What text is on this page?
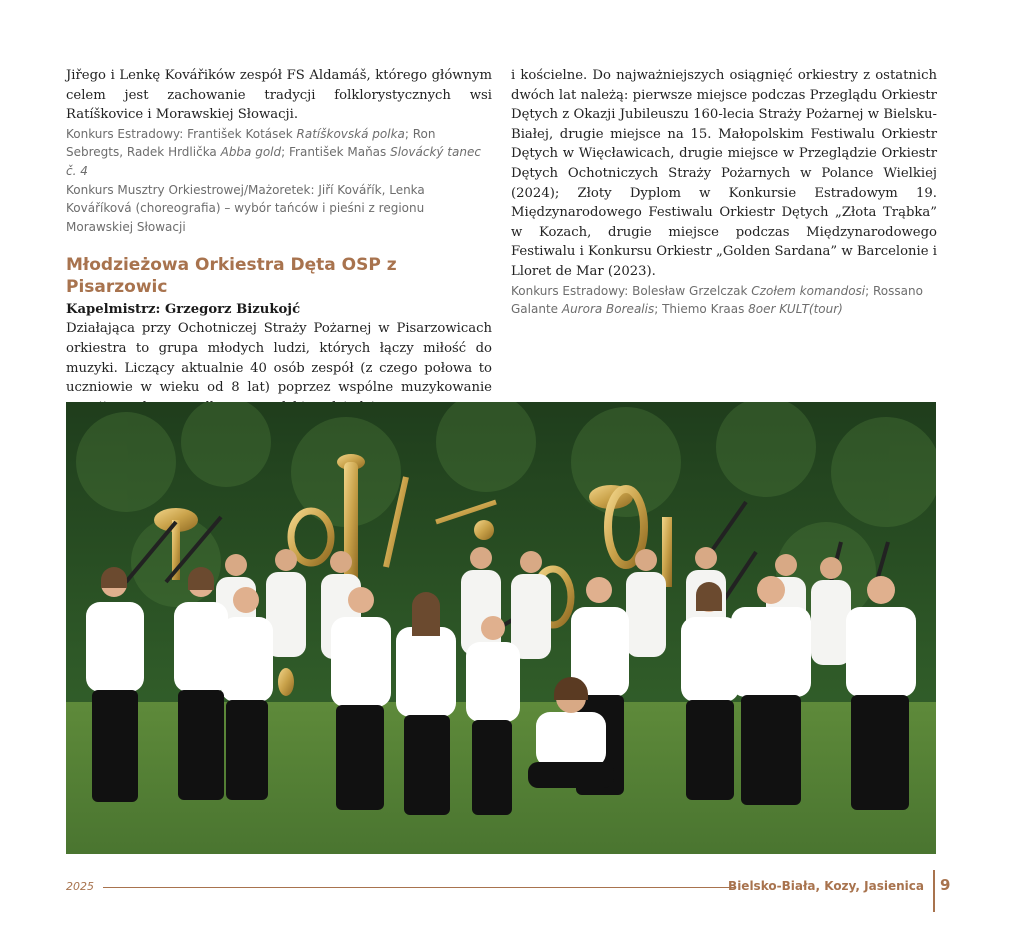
Jiřego i Lenkę Kovářików zespół FS Aldamáš, którego głównym celem jest zachowanie tradycji folklorystycznych wsi Ratíškovice i Morawskiej Słowacji.

Konkurs Estradowy: František Kotásek Ratíškovská polka; Ron Sebregts, Radek Hrdlička Abba gold; František Maňas Slovácký tanec č. 4

Konkurs Musztry Orkiestrowej/Mażoretek: Jiří Kovářík, Lenka Kováříková (choreografia) – wybór tańców i pieśni z regionu Morawskiej Słowacji

Młodzieżowa Orkiestra Dęta OSP z Pisarzowic

Kapelmistrz: Grzegorz Bizukojć

Działająca przy Ochotniczej Straży Pożarnej w Pisarzowicach orkiestra to grupa młodych ludzi, których łączy miłość do muzyki. Liczący aktualnie 40 osób zespół (z czego połowa to uczniowie w wieku od 8 lat) poprzez wspólne muzykowanie

i kościelne. Do najważniejszych osiągnięć orkiestry z ostatnich dwóch lat należą: pierwsze miejsce podczas Przeglądu Orkiestr Dętych z Okazji Jubileuszu 160-lecia Straży Pożarnej w Bielsku-Białej, drugie miejsce na 15. Małopolskim Festiwalu Orkiestr Dętych w Więcławicach, drugie miejsce w Przeglądzie Orkiestr Dętych Ochotniczych Straży Pożarnych w Polance Wielkiej (2024); Złoty Dyplom w Konkursie Estradowym 19. Międzynarodowego Festiwalu Orkiestr Dętych „Złota Trąbka” w Kozach, drugie miejsce podczas Międzynarodowego Festiwalu i Konkursu Orkiestr „Golden Sardana” w Barcelonie i Lloret de Mar (2023).

Konkurs Estradowy: Bolesław Grzelczak Czołem komandosi; Rossano Galante Aurora Borealis; Thiemo Kraas 8oer KULT(tour)

2025	Bielsko-Biała, Kozy, Jasienica 9
